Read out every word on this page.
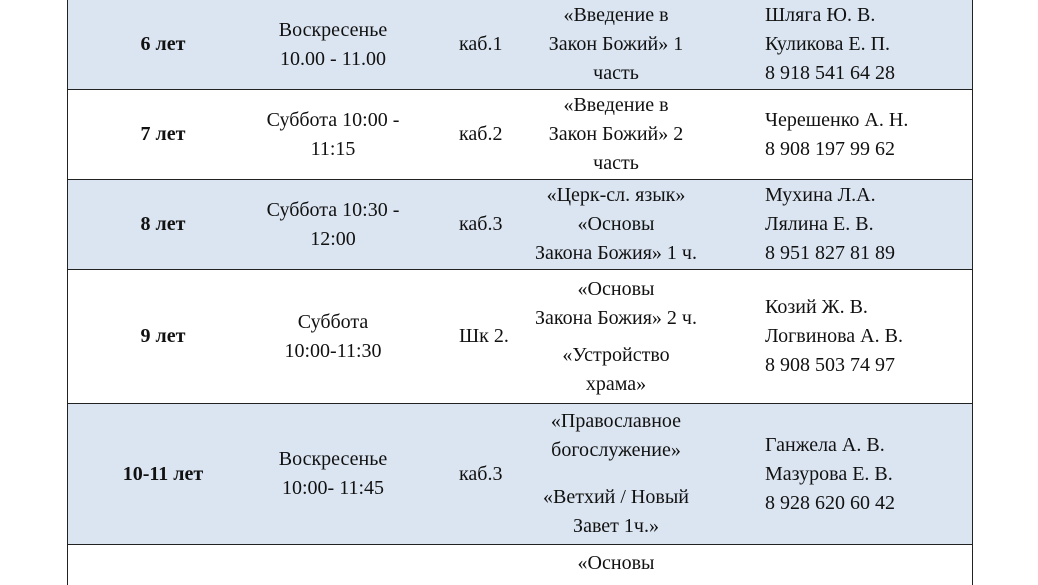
6 лет
Воскресенье
10.00 - 11.00
каб.1
«Введение в
Закон Божий» 1
часть
Шляга Ю. В.
Куликова Е. П.
8 918 541 64 28
7 лет
Суббота 10:00 -
11:15
каб.2
«Введение в
Закон Божий» 2
часть
Черешенко А. Н.
8 908 197 99 62
8 лет
Суббота 10:30 -
12:00
каб.3
«Церк-сл. язык»
«Основы
Закона Божия» 1 ч.
Мухина Л.А.
Лялина Е. В.
8 951 827 81 89
9 лет
Суббота
10:00-11:30
Шк 2.
«Основы
Закона Божия» 2 ч.
«Устройство
храма»
Козий Ж. В.
Логвинова А. В.
8 908 503 74 97
10-11 лет
Воскресенье
10:00- 11:45
каб.3
«Православное
богослужение»
«Ветхий / Новый
Завет 1ч.»
Ганжела А. В.
Мазурова Е. В.
8 928 620 60 42
«Основы
